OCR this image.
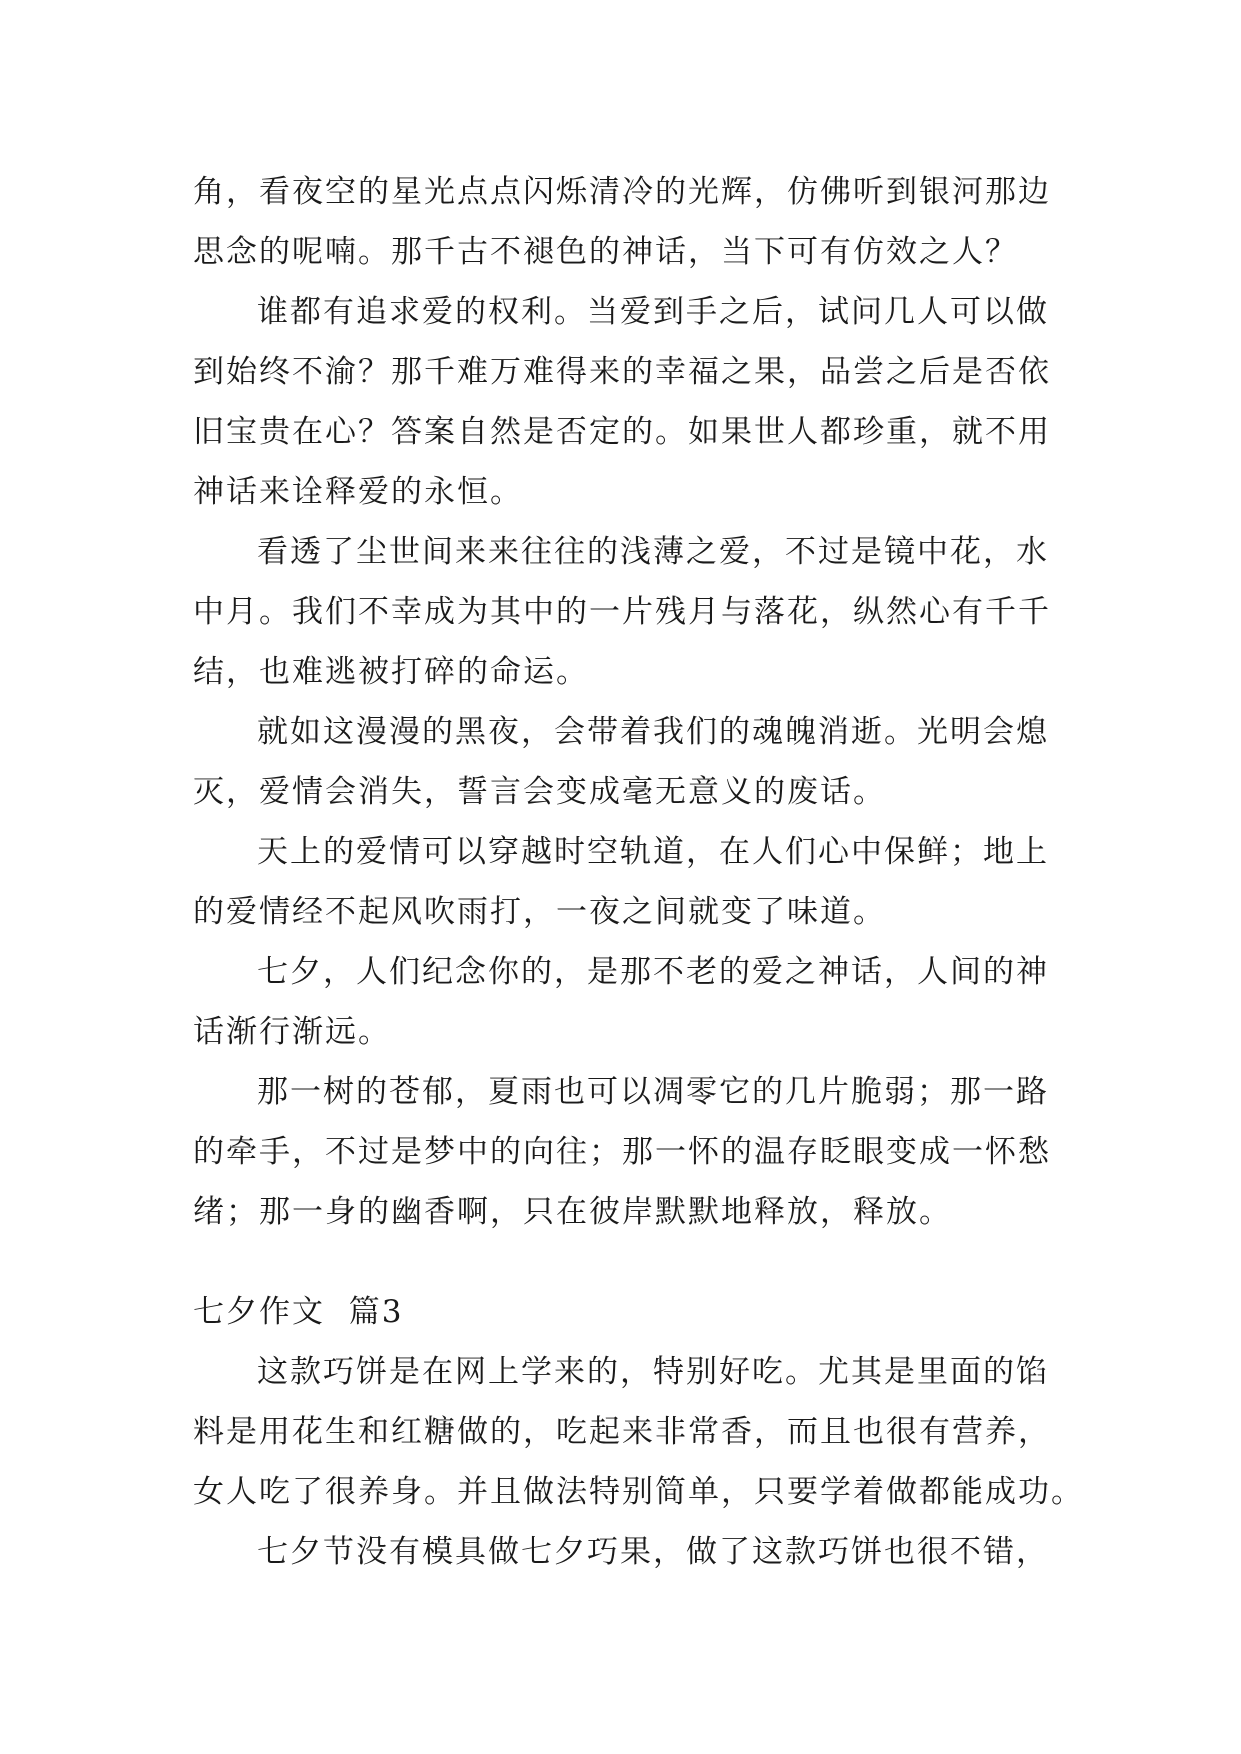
角，看夜空的星光点点闪烁清冷的光辉，仿佛听到银河那边
思念的呢喃。那千古不褪色的神话，当下可有仿效之人？
谁都有追求爱的权利。当爱到手之后，试问几人可以做
到始终不渝？那千难万难得来的幸福之果，品尝之后是否依
旧宝贵在心？答案自然是否定的。如果世人都珍重，就不用
神话来诠释爱的永恒。
看透了尘世间来来往往的浅薄之爱，不过是镜中花，水
中月。我们不幸成为其中的一片残月与落花，纵然心有千千
结，也难逃被打碎的命运。
就如这漫漫的黑夜，会带着我们的魂魄消逝。光明会熄
灭，爱情会消失，誓言会变成毫无意义的废话。
天上的爱情可以穿越时空轨道，在人们心中保鲜；地上
的爱情经不起风吹雨打，一夜之间就变了味道。
七夕，人们纪念你的，是那不老的爱之神话，人间的神
话渐行渐远。
那一树的苍郁，夏雨也可以凋零它的几片脆弱；那一路
的牵手，不过是梦中的向往；那一怀的温存眨眼变成一怀愁
绪；那一身的幽香啊，只在彼岸默默地释放，释放。
七夕作文  篇3
这款巧饼是在网上学来的，特别好吃。尤其是里面的馅
料是用花生和红糖做的，吃起来非常香，而且也很有营养，
女人吃了很养身。并且做法特别简单，只要学着做都能成功。
七夕节没有模具做七夕巧果，做了这款巧饼也很不错，
